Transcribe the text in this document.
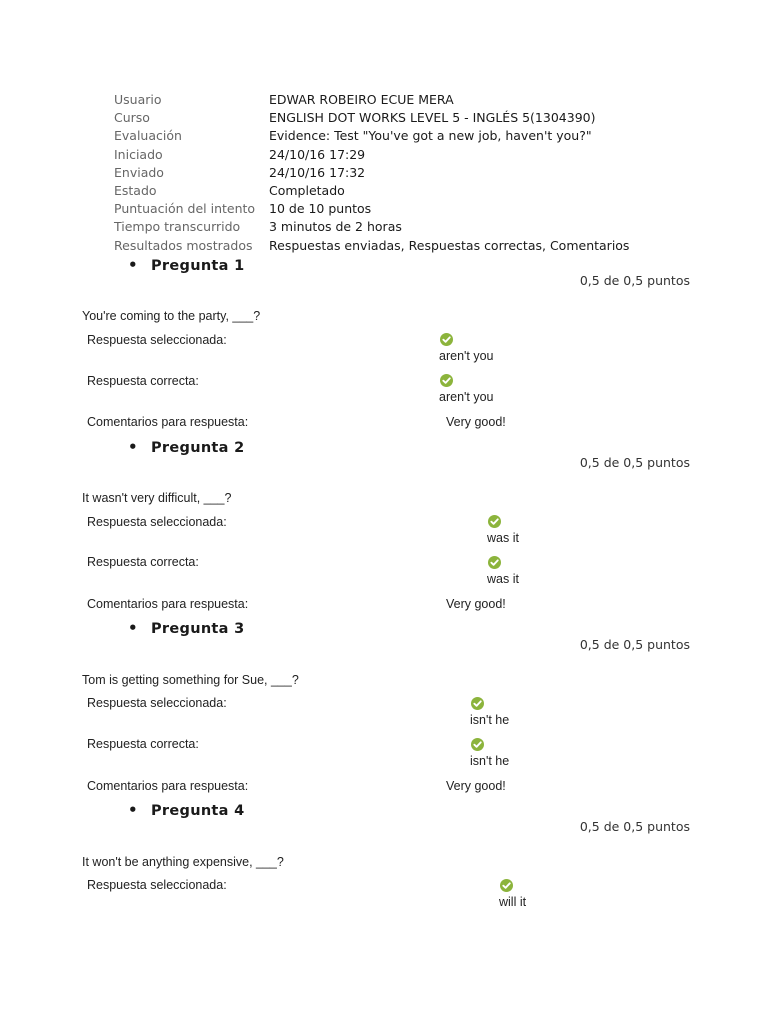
Usuario	EDWAR ROBEIRO ECUE MERA
Curso	ENGLISH DOT WORKS LEVEL 5 - INGLÉS 5(1304390)
Evaluación	Evidence: Test "You've got a new job, haven't you?"
Iniciado	24/10/16 17:29
Enviado	24/10/16 17:32
Estado	Completado
Puntuación del intento	10 de 10 puntos
Tiempo transcurrido	3 minutos de 2 horas
Resultados mostrados	Respuestas enviadas, Respuestas correctas, Comentarios
• Pregunta 1
0,5 de 0,5 puntos
You're coming to the party, ___?
Respuesta seleccionada:
aren't you
Respuesta correcta:
aren't you
Comentarios para respuesta:	Very good!
• Pregunta 2
0,5 de 0,5 puntos
It wasn't very difficult, ___?
Respuesta seleccionada:
was it
Respuesta correcta:
was it
Comentarios para respuesta:	Very good!
• Pregunta 3
0,5 de 0,5 puntos
Tom is getting something for Sue, ___?
Respuesta seleccionada:
isn't he
Respuesta correcta:
isn't he
Comentarios para respuesta:	Very good!
• Pregunta 4
0,5 de 0,5 puntos
It won't be anything expensive, ___?
Respuesta seleccionada:
will it
